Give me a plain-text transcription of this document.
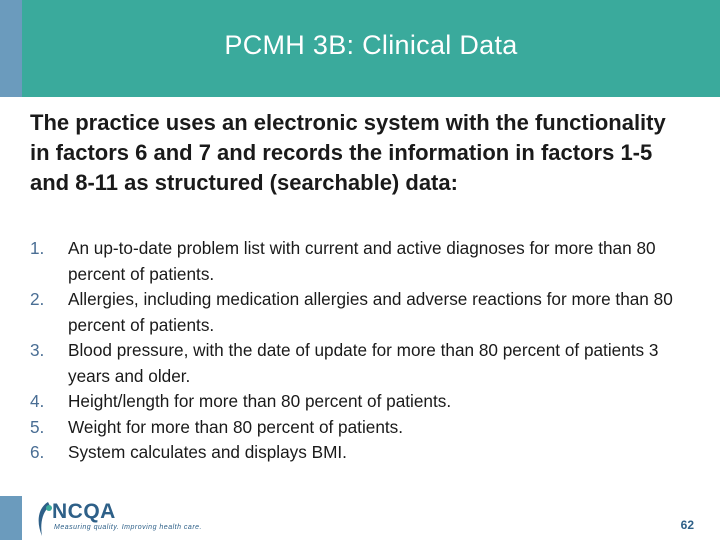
PCMH 3B: Clinical Data
The practice uses an electronic system with the functionality in factors 6 and 7 and records the information in factors 1-5 and 8-11 as structured (searchable) data:
1.	An up-to-date problem list with current and active diagnoses for more than 80 percent of patients.
2.	Allergies, including medication allergies and adverse reactions for more than 80 percent of patients.
3.	Blood pressure, with the date of update for more than 80 percent of patients 3 years and older.
4.	Height/length for more than 80 percent of patients.
5.	Weight for more than 80 percent of patients.
6.	System calculates and displays BMI.
NCQA
Measuring quality. Improving health care.	62
